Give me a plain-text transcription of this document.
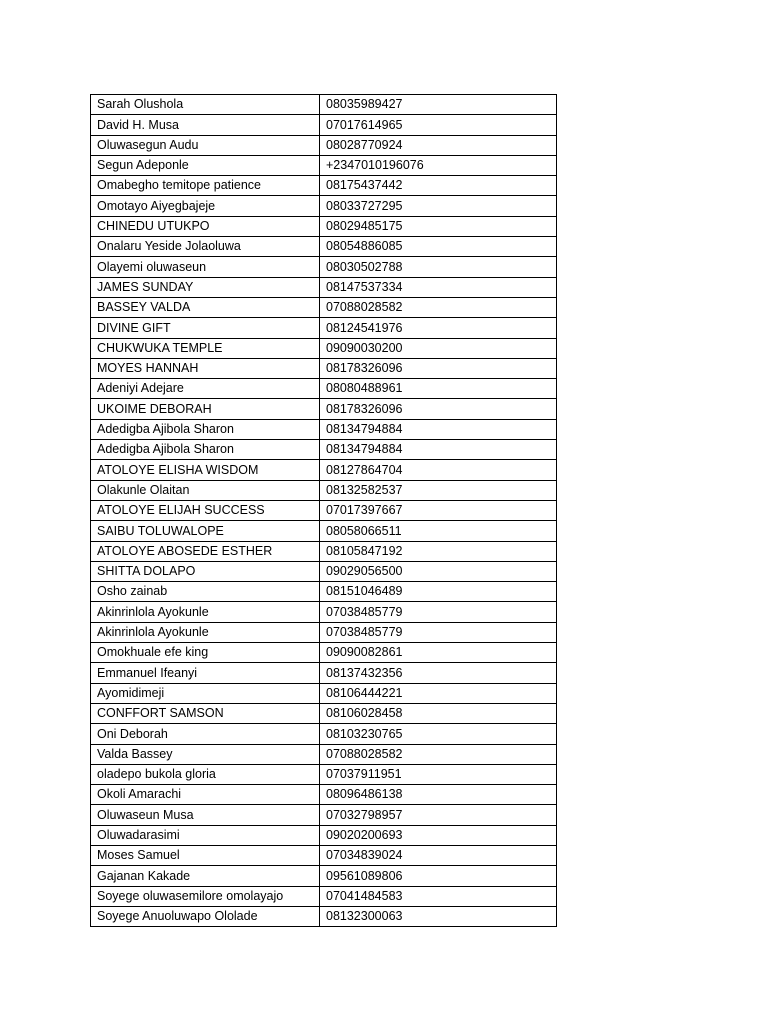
Sarah Olushola	08035989427
David H. Musa	07017614965
Oluwasegun Audu	08028770924
Segun Adeponle	+2347010196076
Omabegho temitope patience	08175437442
Omotayo Aiyegbajeje	08033727295
CHINEDU UTUKPO	08029485175
Onalaru Yeside Jolaoluwa	08054886085
Olayemi oluwaseun	08030502788
JAMES SUNDAY	08147537334
BASSEY VALDA	07088028582
DIVINE GIFT	08124541976
CHUKWUKA TEMPLE	09090030200
MOYES HANNAH	08178326096
Adeniyi Adejare	08080488961
UKOIME DEBORAH	08178326096
Adedigba Ajibola Sharon	08134794884
Adedigba Ajibola Sharon	08134794884
ATOLOYE ELISHA WISDOM	08127864704
Olakunle Olaitan	08132582537
ATOLOYE ELIJAH SUCCESS	07017397667
SAIBU TOLUWALOPE	08058066511
ATOLOYE ABOSEDE ESTHER	08105847192
SHITTA DOLAPO	09029056500
Osho zainab	08151046489
Akinrinlola Ayokunle	07038485779
Akinrinlola Ayokunle	07038485779
Omokhuale efe king	09090082861
Emmanuel Ifeanyi	08137432356
Ayomidimeji	08106444221
CONFFORT SAMSON	08106028458
Oni Deborah	08103230765
Valda Bassey	07088028582
oladepo bukola gloria	07037911951
Okoli Amarachi	08096486138
Oluwaseun Musa	07032798957
Oluwadarasimi	09020200693
Moses Samuel	07034839024
Gajanan Kakade	09561089806
Soyege oluwasemilore omolayajo	07041484583
Soyege Anuoluwapo Ololade	08132300063
